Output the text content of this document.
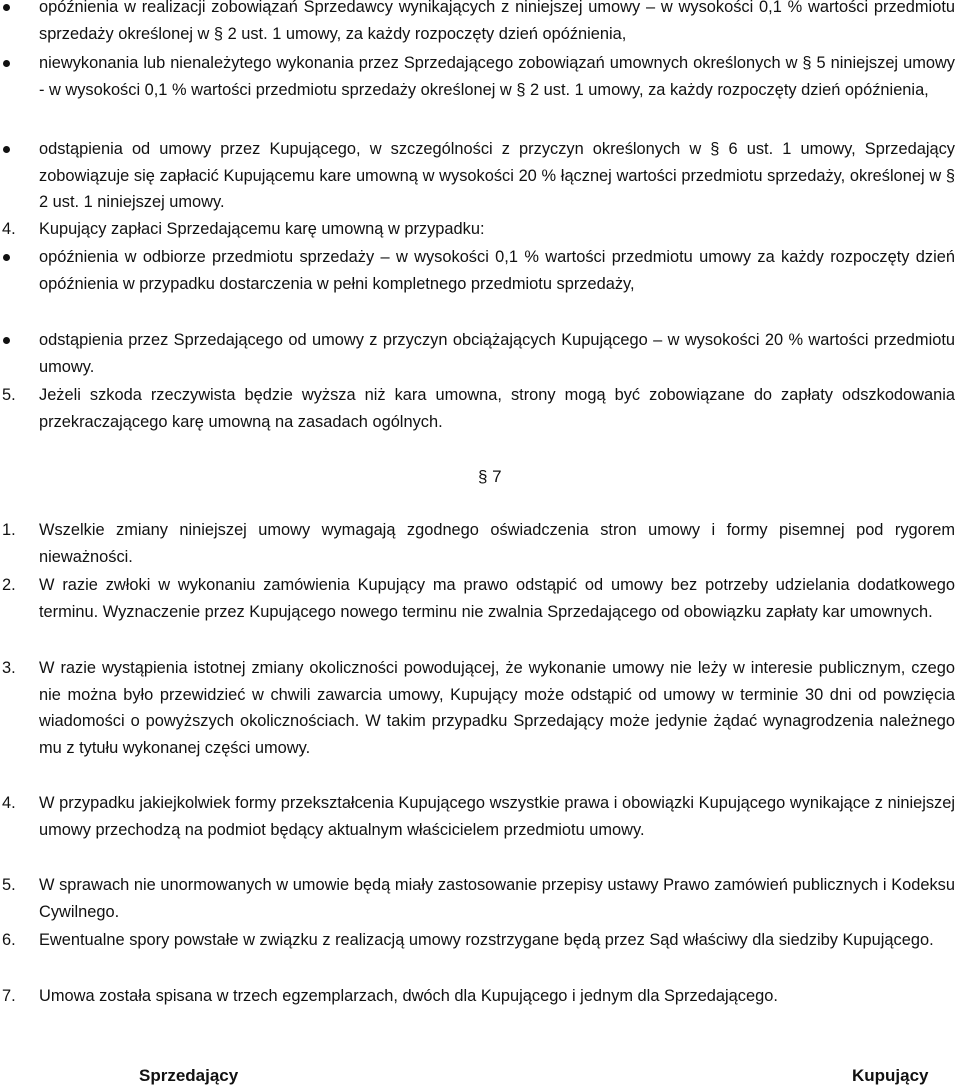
opóźnienia w realizacji zobowiązań Sprzedawcy wynikających z niniejszej umowy – w wysokości 0,1 % wartości przedmiotu sprzedaży określonej w § 2 ust. 1 umowy, za każdy rozpoczęty dzień opóźnienia,
niewykonania lub nienależytego wykonania przez Sprzedającego zobowiązań umownych określonych w § 5 niniejszej umowy - w wysokości 0,1 % wartości przedmiotu sprzedaży określonej w § 2 ust. 1 umowy, za każdy rozpoczęty dzień opóźnienia,
odstąpienia od umowy przez Kupującego, w szczególności z przyczyn określonych w § 6 ust. 1 umowy, Sprzedający zobowiązuje się zapłacić Kupującemu kare umowną w wysokości 20 % łącznej wartości przedmiotu sprzedaży, określonej w § 2 ust. 1 niniejszej umowy.
4. Kupujący zapłaci Sprzedającemu karę umowną w przypadku:
opóźnienia w odbiorze przedmiotu sprzedaży – w wysokości 0,1 % wartości przedmiotu umowy za każdy rozpoczęty dzień opóźnienia w przypadku dostarczenia w pełni kompletnego przedmiotu sprzedaży,
odstąpienia przez Sprzedającego od umowy z przyczyn obciążających Kupującego – w wysokości 20 % wartości przedmiotu umowy.
5. Jeżeli szkoda rzeczywista będzie wyższa niż kara umowna, strony mogą być zobowiązane do zapłaty odszkodowania przekraczającego karę umowną na zasadach ogólnych.
§ 7
1. Wszelkie zmiany niniejszej umowy wymagają zgodnego oświadczenia stron umowy i formy pisemnej pod rygorem nieważności.
2. W razie zwłoki w wykonaniu zamówienia Kupujący ma prawo odstąpić od umowy bez potrzeby udzielania dodatkowego terminu. Wyznaczenie przez Kupującego nowego terminu nie zwalnia Sprzedającego od obowiązku zapłaty kar umownych.
3. W razie wystąpienia istotnej zmiany okoliczności powodującej, że wykonanie umowy nie leży w interesie publicznym, czego nie można było przewidzieć w chwili zawarcia umowy, Kupujący może odstąpić od umowy w terminie 30 dni od powzięcia wiadomości o powyższych okolicznościach. W takim przypadku Sprzedający może jedynie żądać wynagrodzenia należnego mu z tytułu wykonanej części umowy.
4. W przypadku jakiejkolwiek formy przekształcenia Kupującego wszystkie prawa i obowiązki Kupującego wynikające z niniejszej umowy przechodzą na podmiot będący aktualnym właścicielem przedmiotu umowy.
5. W sprawach nie unormowanych w umowie będą miały zastosowanie przepisy ustawy Prawo zamówień publicznych i Kodeksu Cywilnego.
6. Ewentualne spory powstałe w związku z realizacją umowy rozstrzygane będą przez Sąd właściwy dla siedziby Kupującego.
7. Umowa została spisana w trzech egzemplarzach, dwóch dla Kupującego i jednym dla Sprzedającego.
Sprzedający	Kupujący
